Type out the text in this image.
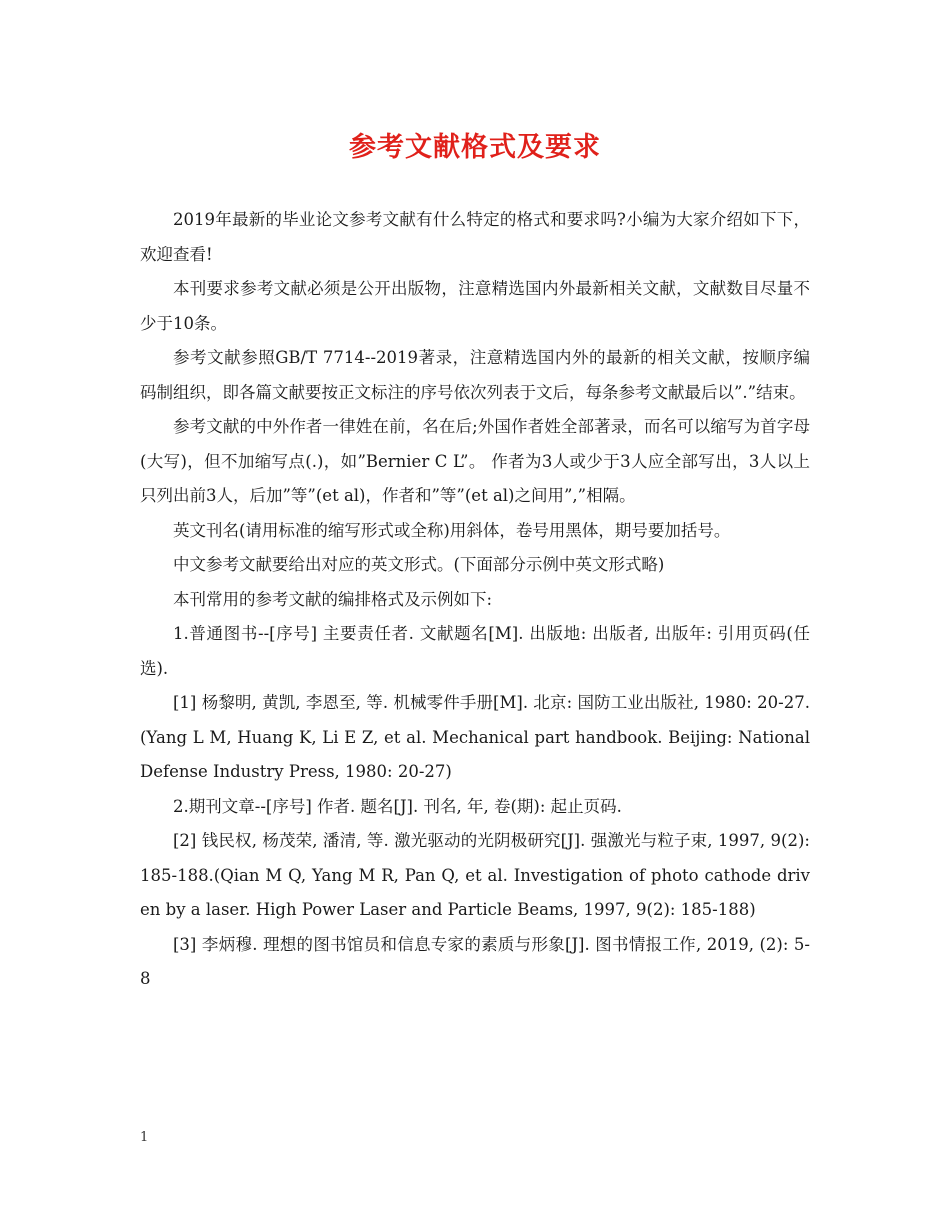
参考文献格式及要求

2019年最新的毕业论文参考文献有什么特定的格式和要求吗?小编为大家介绍如下下，欢迎查看!

本刊要求参考文献必须是公开出版物，注意精选国内外最新相关文献，文献数目尽量不少于10条。

参考文献参照GB/T 7714--2019著录，注意精选国内外的最新的相关文献，按顺序编码制组织，即各篇文献要按正文标注的序号依次列表于文后，每条参考文献最后以”.”结束。

参考文献的中外作者一律姓在前，名在后;外国作者姓全部著录，而名可以缩写为首字母(大写)，但不加缩写点(.)，如”Bernier C L”。 作者为3人或少于3人应全部写出，3人以上只列出前3人，后加”等”(et al)，作者和”等”(et al)之间用”,”相隔。

英文刊名(请用标准的缩写形式或全称)用斜体，卷号用黑体，期号要加括号。

中文参考文献要给出对应的英文形式。(下面部分示例中英文形式略)

本刊常用的参考文献的编排格式及示例如下:

1.普通图书--[序号] 主要责任者. 文献题名[M]. 出版地: 出版者, 出版年: 引用页码(任选).

[1] 杨黎明, 黄凯, 李恩至, 等. 机械零件手册[M]. 北京: 国防工业出版社, 1980: 20-27. (Yang L M, Huang K, Li E Z, et al. Mechanical part handbook. Beijing: National Defense Industry Press, 1980: 20-27)

2.期刊文章--[序号] 作者. 题名[J]. 刊名, 年, 卷(期): 起止页码.

[2] 钱民权, 杨茂荣, 潘清, 等. 激光驱动的光阴极研究[J]. 强激光与粒子束, 1997, 9(2): 185-188.(Qian M Q, Yang M R, Pan Q, et al. Investigation of photo cathode driven by a laser. High Power Laser and Particle Beams, 1997, 9(2): 185-188)

[3] 李炳穆. 理想的图书馆员和信息专家的素质与形象[J]. 图书情报工作, 2019, (2): 5-8

1
